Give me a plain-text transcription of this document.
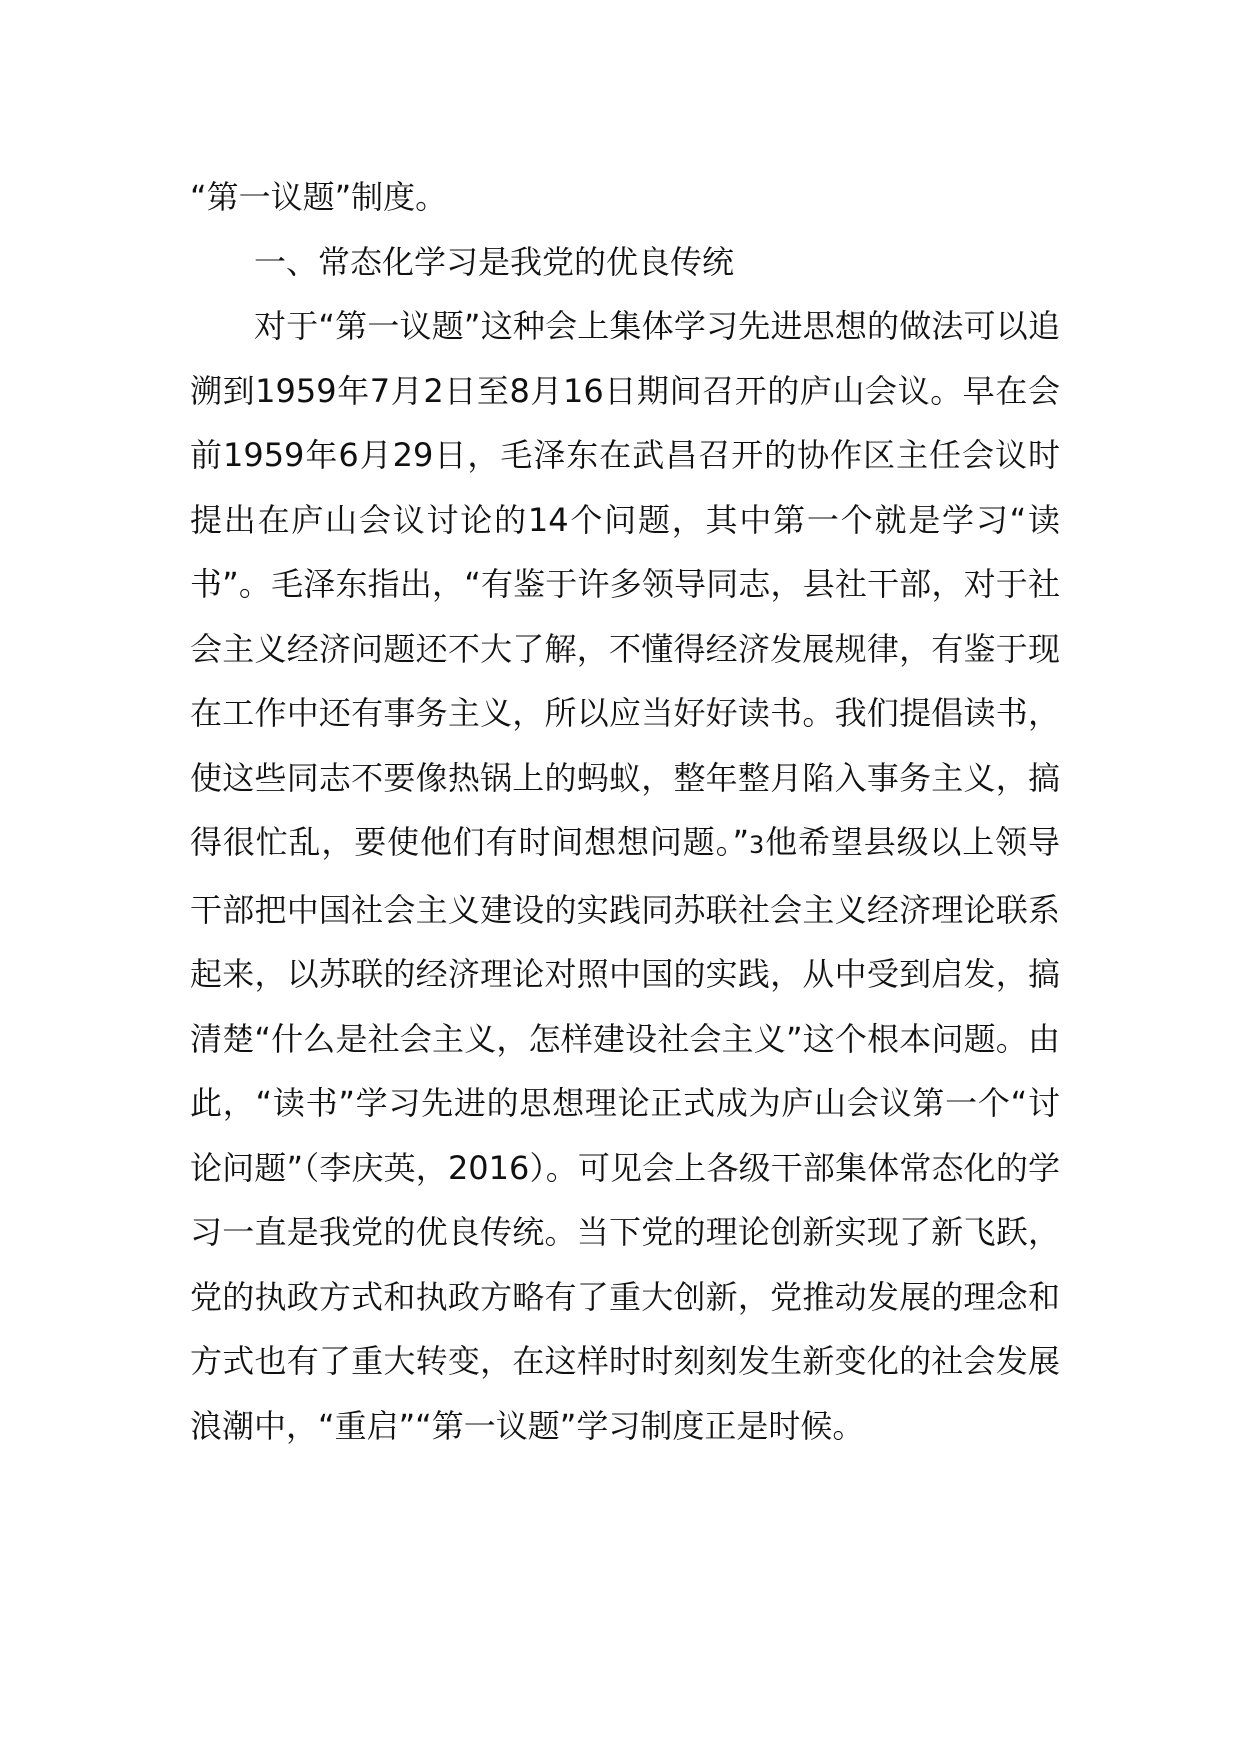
“第一议题”制度。

一、常态化学习是我党的优良传统

对于“第一议题”这种会上集体学习先进思想的做法可以追溯到1959年7月2日至8月16日期间召开的庐山会议。早在会前1959年6月29日，毛泽东在武昌召开的协作区主任会议时提出在庐山会议讨论的14个问题，其中第一个就是学习“读书”。毛泽东指出，“有鉴于许多领导同志，县社干部，对于社会主义经济问题还不大了解，不懂得经济发展规律，有鉴于现在工作中还有事务主义，所以应当好好读书。我们提倡读书，使这些同志不要像热锅上的蚂蚁，整年整月陷入事务主义，搞得很忙乱，要使他们有时间想想问题。”3他希望县级以上领导干部把中国社会主义建设的实践同苏联社会主义经济理论联系起来，以苏联的经济理论对照中国的实践，从中受到启发，搞清楚“什么是社会主义，怎样建设社会主义”这个根本问题。由此，“读书”学习先进的思想理论正式成为庐山会议第一个“讨论问题”（李庆英，2016）。可见会上各级干部集体常态化的学习一直是我党的优良传统。当下党的理论创新实现了新飞跃，党的执政方式和执政方略有了重大创新，党推动发展的理念和方式也有了重大转变，在这样时时刻刻发生新变化的社会发展浪潮中，“重启”“第一议题”学习制度正是时候。
